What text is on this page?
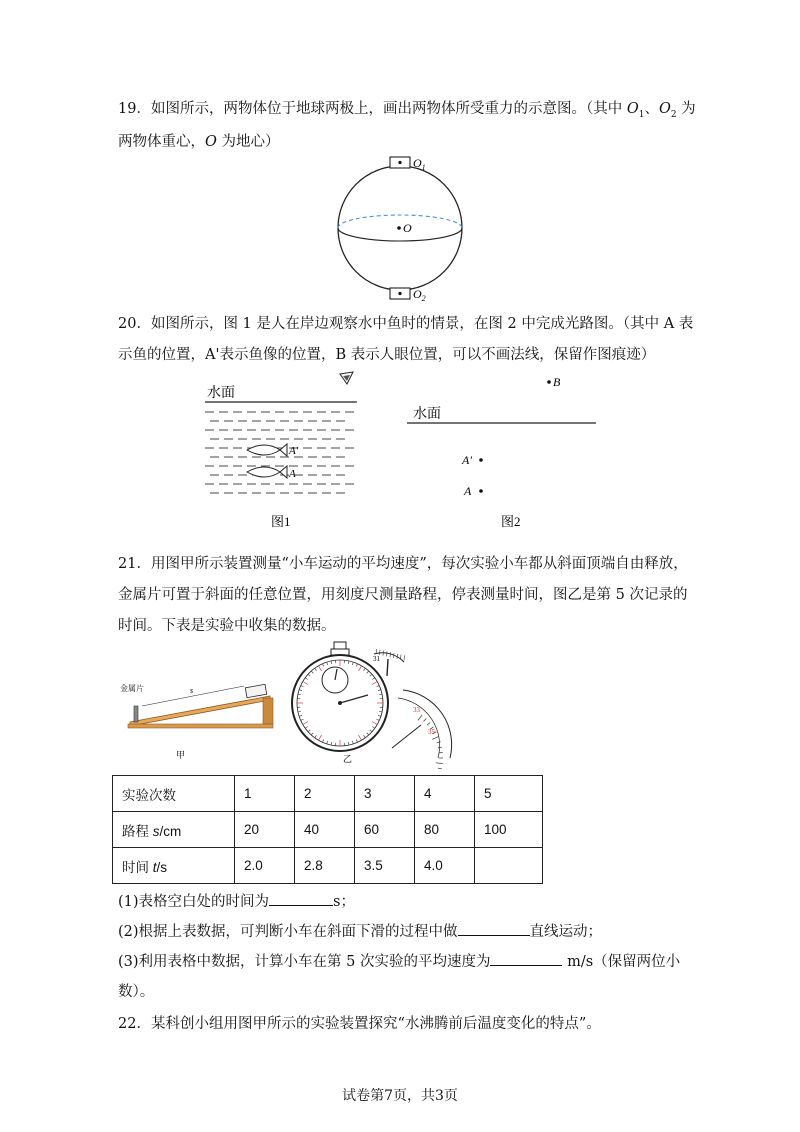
19．如图所示，两物体位于地球两极上，画出两物体所受重力的示意图。（其中 $O_1$、$O_2$ 为
两物体重心，O 为地心）
$O_1$
O
$O_2$
20．如图所示，图 1 是人在岸边观察水中鱼时的情景，在图 2 中完成光路图。（其中 A 表
示鱼的位置，A'表示鱼像的位置，B 表示人眼位置，可以不画法线，保留作图痕迹）
水面
A'
A
图1
B
水面
A'
A
图2
21．用图甲所示装置测量“小车运动的平均速度”，每次实验小车都从斜面顶端自由释放，
金属片可置于斜面的任意位置，用刻度尺测量路程，停表测量时间，图乙是第 5 次记录的
时间。下表是实验中收集的数据。
金属片	s
甲	乙
33
35
31
实验次数	1	2	3	4	5
路程 s/cm	20	40	60	80	100
时间 t/s	2.0	2.8	3.5	4.0	
(1)表格空白处的时间为	s；
(2)根据上表数据，可判断小车在斜面下滑的过程中做	直线运动；
(3)利用表格中数据，计算小车在第 5 次实验的平均速度为	m/s（保留两位小
数）。
22．某科创小组用图甲所示的实验装置探究“水沸腾前后温度变化的特点”。
试卷第7页，共3页
